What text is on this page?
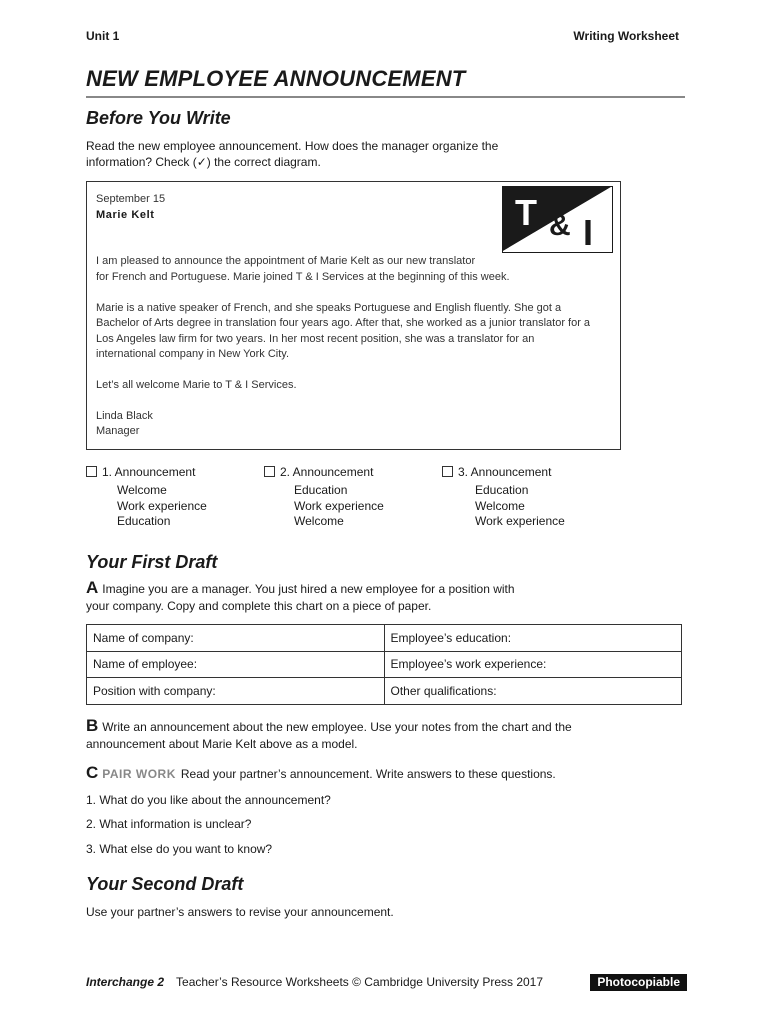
Unit 1	Writing Worksheet
NEW EMPLOYEE ANNOUNCEMENT
Before You Write
Read the new employee announcement. How does the manager organize the
information? Check (✓) the correct diagram.
September 15
Marie Kelt	T & I
I am pleased to announce the appointment of Marie Kelt as our new translator
for French and Portuguese. Marie joined T & I Services at the beginning of this week.
Marie is a native speaker of French, and she speaks Portuguese and English fluently. She got a
Bachelor of Arts degree in translation four years ago. After that, she worked as a junior translator for a
Los Angeles law firm for two years. In her most recent position, she was a translator for an
international company in New York City.
Let’s all welcome Marie to T & I Services.
Linda Black
Manager
1. Announcement
Welcome
Work experience
Education
2. Announcement
Education
Work experience
Welcome
3. Announcement
Education
Welcome
Work experience
Your First Draft
A Imagine you are a manager. You just hired a new employee for a position with
your company. Copy and complete this chart on a piece of paper.
Name of company:	Employee’s education:
Name of employee:	Employee’s work experience:
Position with company:	Other qualifications:
B Write an announcement about the new employee. Use your notes from the chart and the
announcement about Marie Kelt above as a model.
C PAIR WORK Read your partner’s announcement. Write answers to these questions.
1. What do you like about the announcement?
2. What information is unclear?
3. What else do you want to know?
Your Second Draft
Use your partner’s answers to revise your announcement.
Interchange 2 Teacher’s Resource Worksheets © Cambridge University Press 2017	Photocopiable
